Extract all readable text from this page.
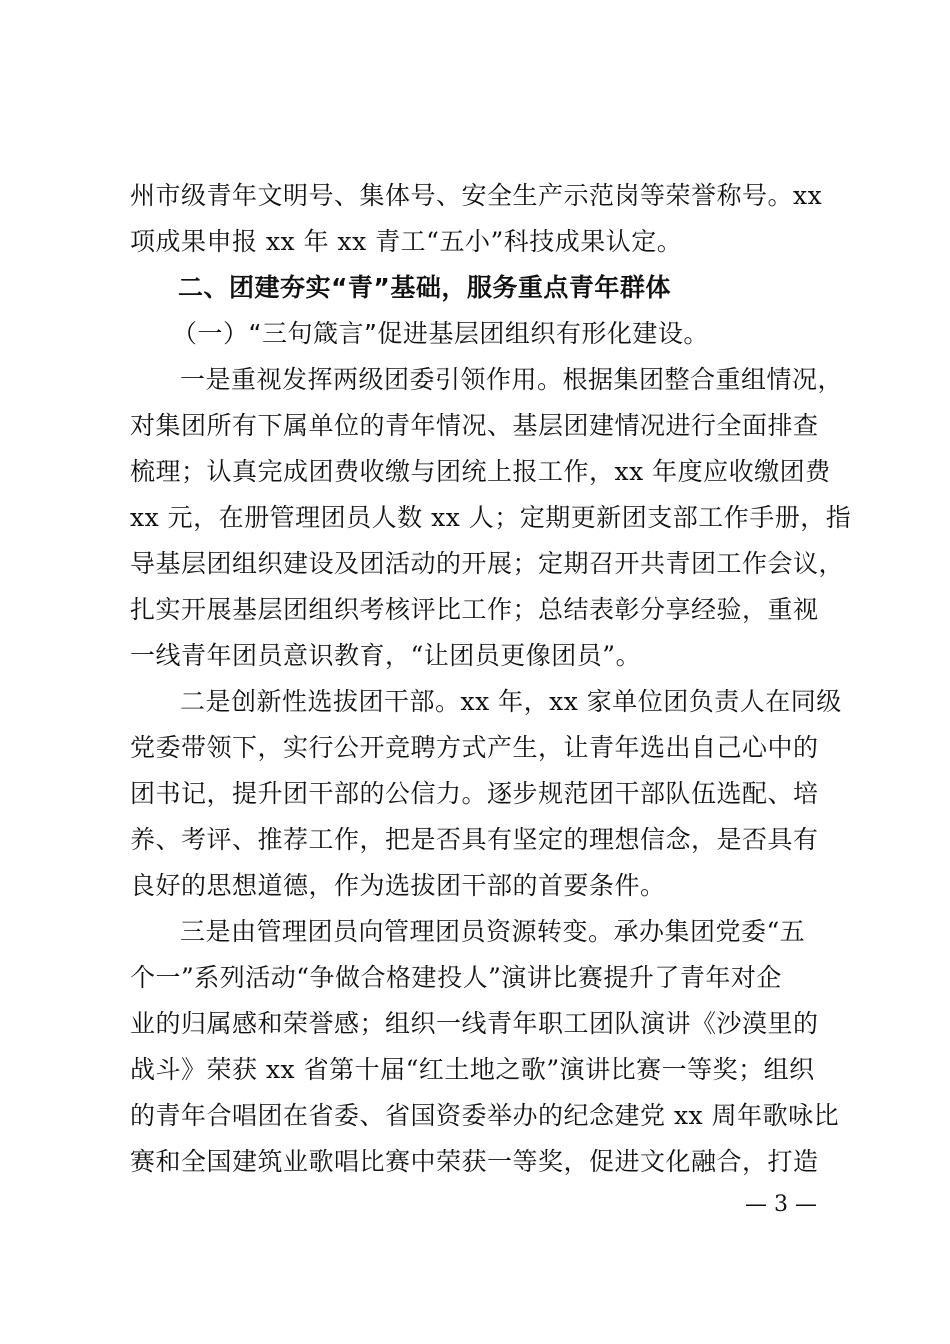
州市级青年文明号、集体号、安全生产示范岗等荣誉称号。xx
项成果申报 xx 年 xx 青工“五小”科技成果认定。
二、团建夯实“青”基础，服务重点青年群体
（一）“三句箴言”促进基层团组织有形化建设。
一是重视发挥两级团委引领作用。根据集团整合重组情况，
对集团所有下属单位的青年情况、基层团建情况进行全面排查
梳理；认真完成团费收缴与团统上报工作，xx 年度应收缴团费
xx 元，在册管理团员人数 xx 人；定期更新团支部工作手册，指
导基层团组织建设及团活动的开展；定期召开共青团工作会议，
扎实开展基层团组织考核评比工作；总结表彰分享经验，重视
一线青年团员意识教育，“让团员更像团员”。
二是创新性选拔团干部。xx 年，xx 家单位团负责人在同级
党委带领下，实行公开竞聘方式产生，让青年选出自己心中的
团书记，提升团干部的公信力。逐步规范团干部队伍选配、培
养、考评、推荐工作，把是否具有坚定的理想信念，是否具有
良好的思想道德，作为选拔团干部的首要条件。
三是由管理团员向管理团员资源转变。承办集团党委“五
个一”系列活动“争做合格建投人”演讲比赛提升了青年对企
业的归属感和荣誉感；组织一线青年职工团队演讲《沙漠里的
战斗》荣获 xx 省第十届“红土地之歌”演讲比赛一等奖；组织
的青年合唱团在省委、省国资委举办的纪念建党 xx 周年歌咏比
赛和全国建筑业歌唱比赛中荣获一等奖，促进文化融合，打造
— 3 —
